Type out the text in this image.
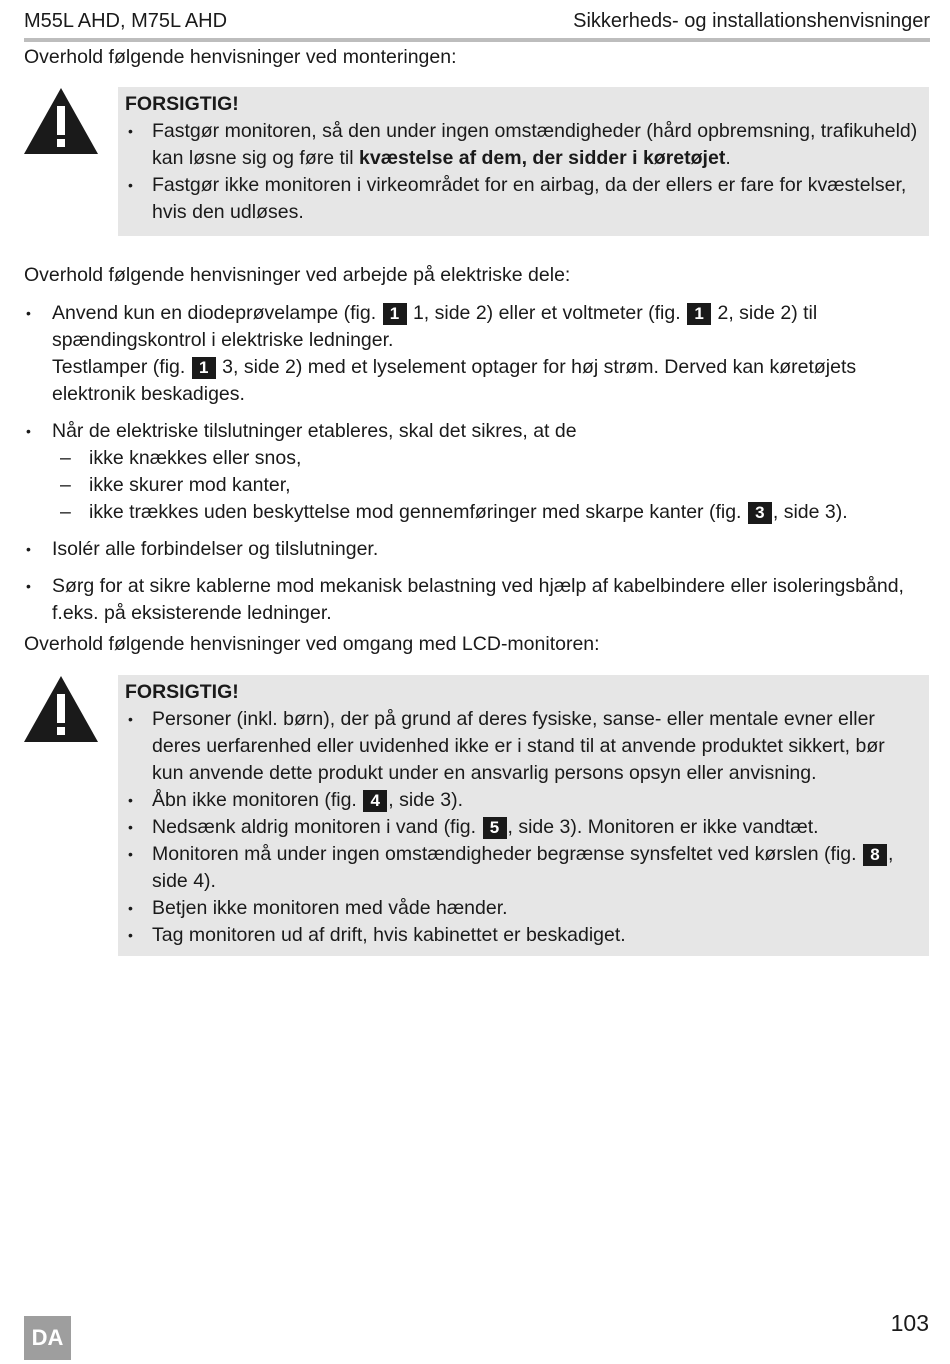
M55L AHD, M75L AHD	Sikkerheds- og installationshenvisninger

Overhold følgende henvisninger ved monteringen:

FORSIGTIG!
• Fastgør monitoren, så den under ingen omstændigheder (hård opbremsning, trafikuheld) kan løsne sig og føre til kvæstelse af dem, der sidder i køretøjet.
• Fastgør ikke monitoren i virkeområdet for en airbag, da der ellers er fare for kvæstelser, hvis den udløses.

Overhold følgende henvisninger ved arbejde på elektriske dele:

• Anvend kun en diodeprøvelampe (fig. 1 1, side 2) eller et voltmeter (fig. 1 2, side 2) til spændingskontrol i elektriske ledninger.
Testlamper (fig. 1 3, side 2) med et lyselement optager for høj strøm. Derved kan køretøjets elektronik beskadiges.
• Når de elektriske tilslutninger etableres, skal det sikres, at de
– ikke knækkes eller snos,
– ikke skurer mod kanter,
– ikke trækkes uden beskyttelse mod gennemføringer med skarpe kanter (fig. 3 , side 3).
• Isolér alle forbindelser og tilslutninger.
• Sørg for at sikre kablerne mod mekanisk belastning ved hjælp af kabelbindere eller isoleringsbånd, f.eks. på eksisterende ledninger.

Overhold følgende henvisninger ved omgang med LCD-monitoren:

FORSIGTIG!
• Personer (inkl. børn), der på grund af deres fysiske, sanse- eller mentale evner eller deres uerfarenhed eller uvidenhed ikke er i stand til at anvende produktet sikkert, bør kun anvende dette produkt under en ansvarlig persons opsyn eller anvisning.
• Åbn ikke monitoren (fig. 4 , side 3).
• Nedsænk aldrig monitoren i vand (fig. 5 , side 3). Monitoren er ikke vandtæt.
• Monitoren må under ingen omstændigheder begrænse synsfeltet ved kørslen (fig. 8 , side 4).
• Betjen ikke monitoren med våde hænder.
• Tag monitoren ud af drift, hvis kabinettet er beskadiget.
DA
103
